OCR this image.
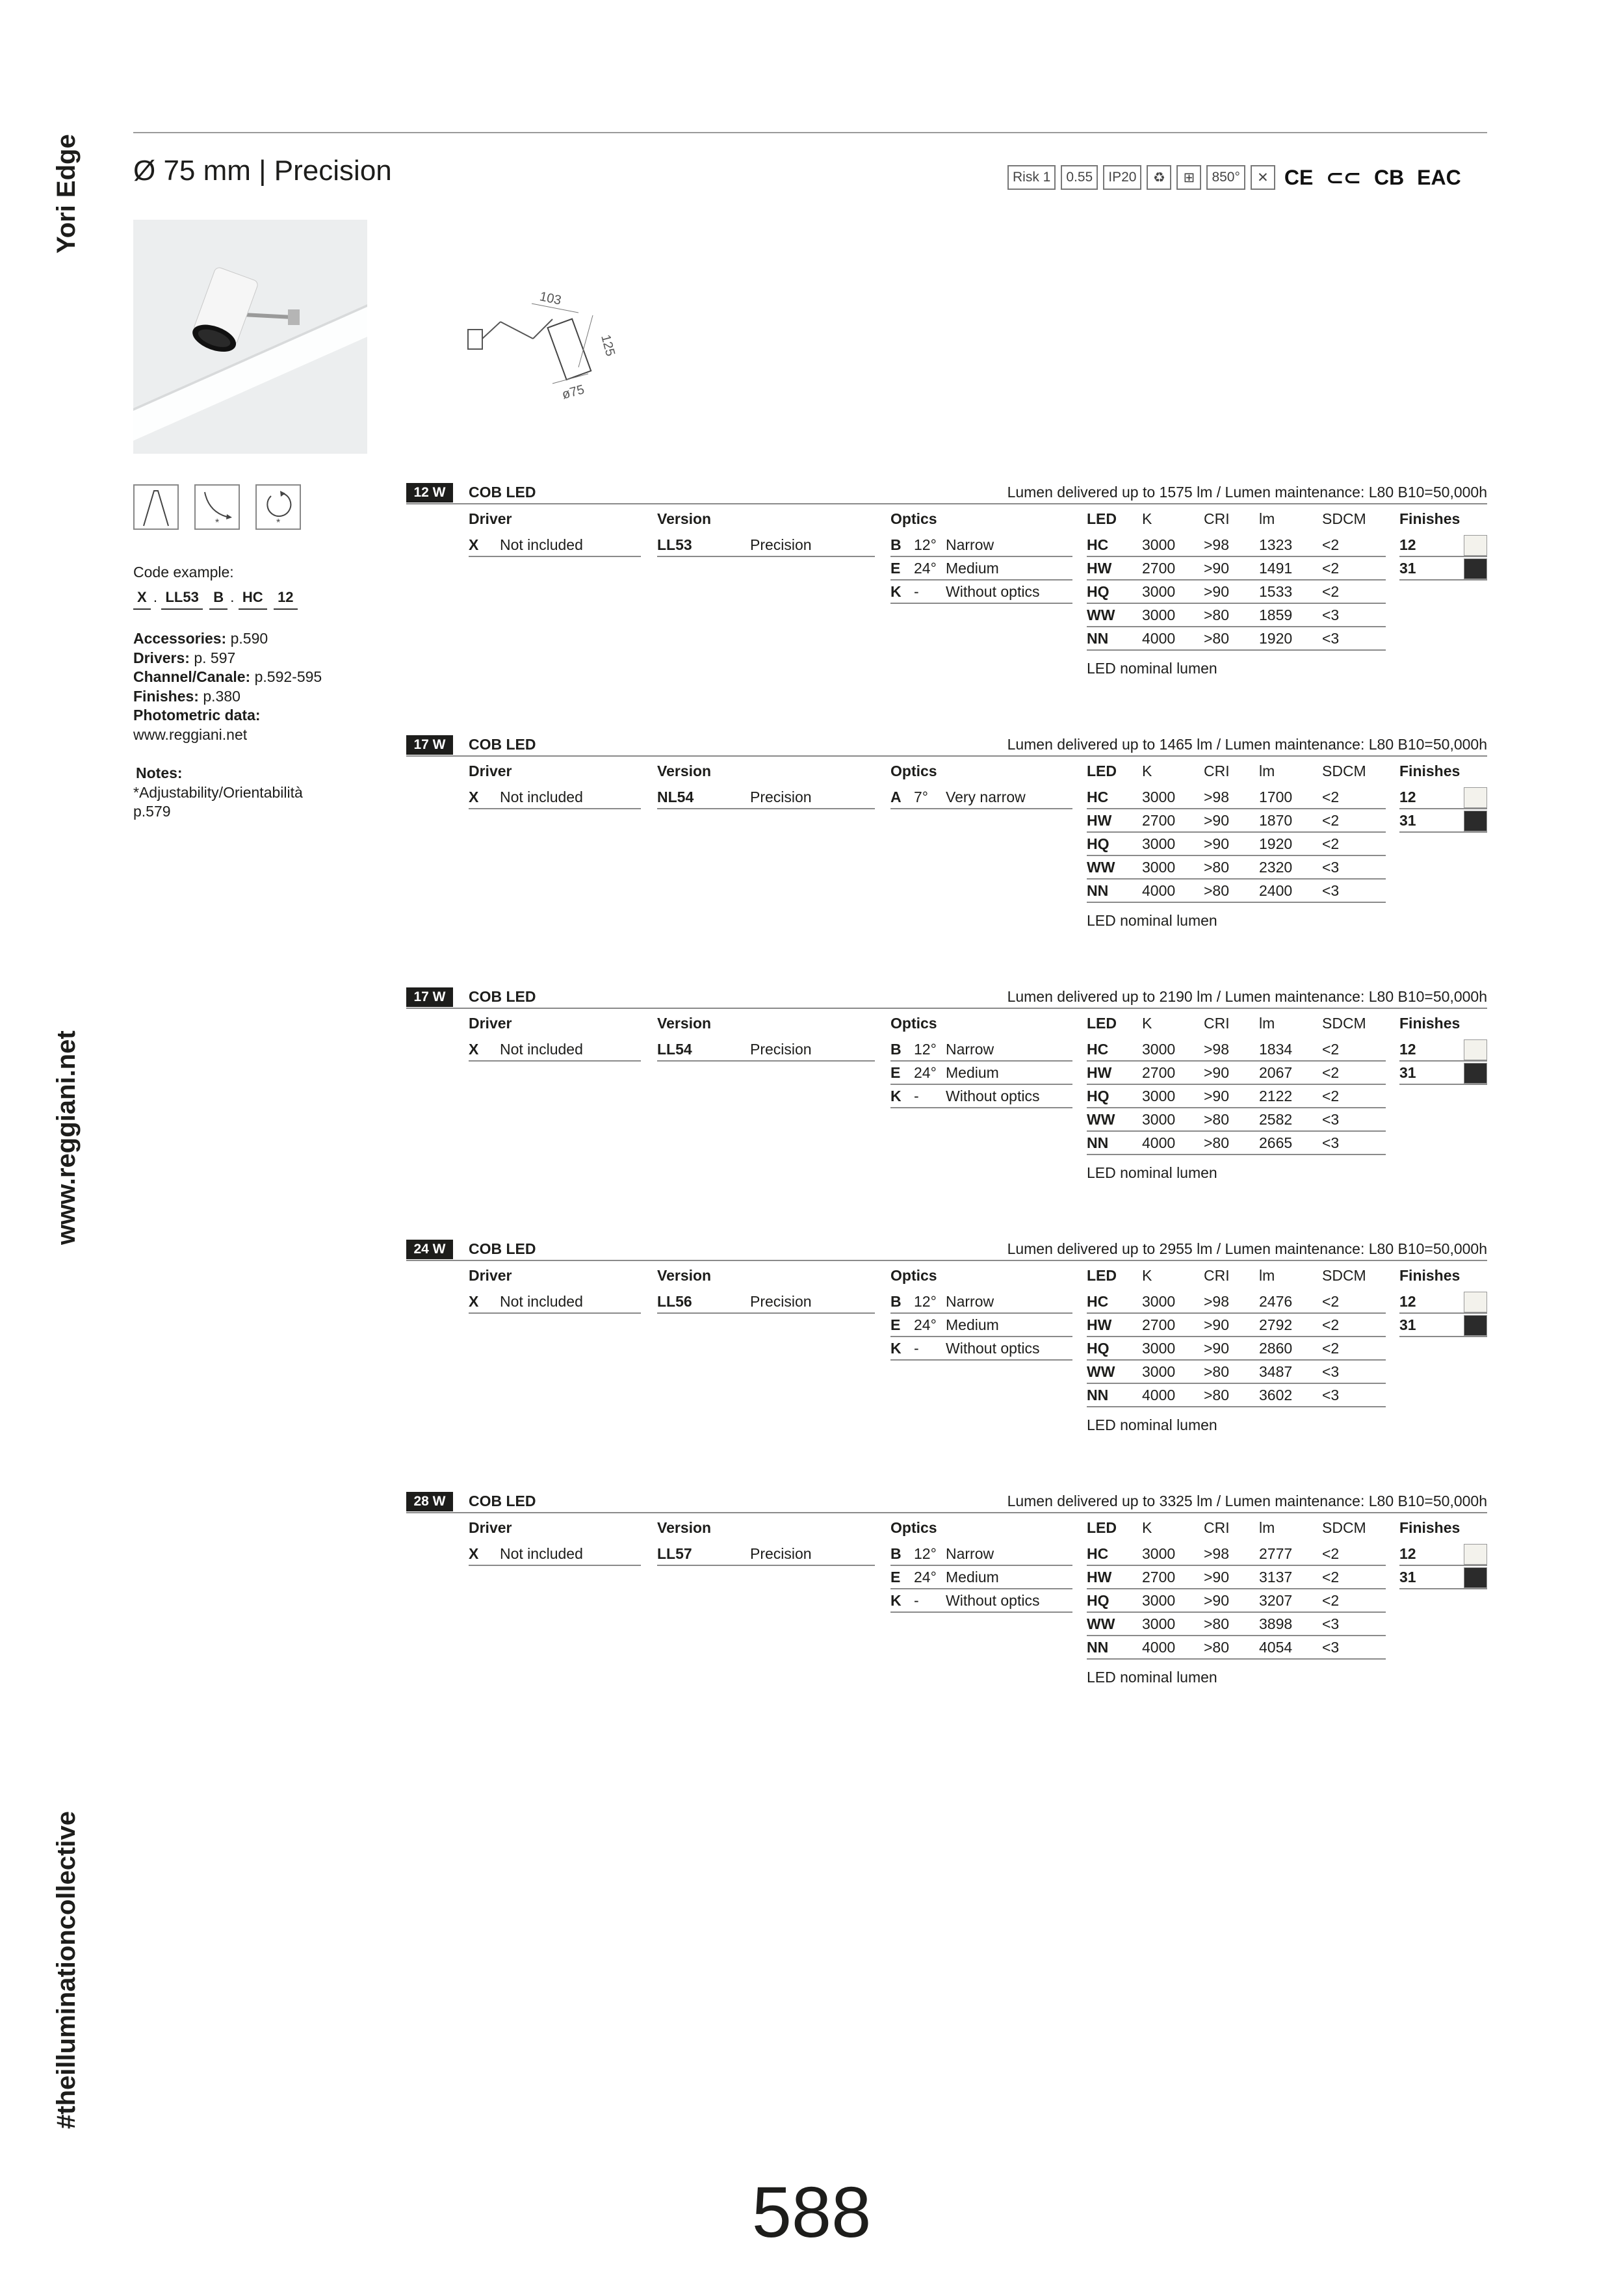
Yori Edge
www.reggiani.net
#theilluminationcollective
Ø 75 mm | Precision	Risk 1	0.55	IP20	♻	⊞	850°	✕ CE ⊂⊂ CB EAC
103
125
ø75
*	*
Code example:
X . LL53 B . HC 12
Accessories: p.590
Drivers: p. 597
Channel/Canale: p.592-595
Finishes: p.380
Photometric data:
www.reggiani.net
Notes:
*Adjustability/Orientabilità
p.579
12 W	COB LED	Lumen delivered up to 1575 lm / Lumen maintenance: L80 B10=50,000h
Driver
X Not included
Version
LL53	Precision
Optics
B 12° Narrow
E 24° Medium
K - Without optics
LED K	CRI lm	SDCM
HC 3000 >98 1323 <2
HW 2700 >90 1491 <2
HQ 3000 >90 1533 <2
WW 3000 >80 1859 <3
NN 4000 >80 1920 <3
Finishes
12
31
LED nominal lumen
17 W	COB LED	Lumen delivered up to 1465 lm / Lumen maintenance: L80 B10=50,000h
Driver
X Not included
Version
NL54	Precision
Optics
A 7° Very narrow
LED K	CRI lm	SDCM
HC 3000 >98 1700 <2
HW 2700 >90 1870 <2
HQ 3000 >90 1920 <2
WW 3000 >80 2320 <3
NN 4000 >80 2400 <3
Finishes
12
31
LED nominal lumen
17 W	COB LED	Lumen delivered up to 2190 lm / Lumen maintenance: L80 B10=50,000h
Driver
X Not included
Version
LL54	Precision
Optics
B 12° Narrow
E 24° Medium
K - Without optics
LED K	CRI lm	SDCM
HC 3000 >98 1834 <2
HW 2700 >90 2067 <2
HQ 3000 >90 2122 <2
WW 3000 >80 2582 <3
NN 4000 >80 2665 <3
Finishes
12
31
LED nominal lumen
24 W	COB LED	Lumen delivered up to 2955 lm / Lumen maintenance: L80 B10=50,000h
Driver
X Not included
Version
LL56	Precision
Optics
B 12° Narrow
E 24° Medium
K - Without optics
LED K	CRI lm	SDCM
HC 3000 >98 2476 <2
HW 2700 >90 2792 <2
HQ 3000 >90 2860 <2
WW 3000 >80 3487 <3
NN 4000 >80 3602 <3
Finishes
12
31
LED nominal lumen
28 W	COB LED	Lumen delivered up to 3325 lm / Lumen maintenance: L80 B10=50,000h
Driver
X Not included
Version
LL57	Precision
Optics
B 12° Narrow
E 24° Medium
K - Without optics
LED K	CRI lm	SDCM
HC 3000 >98 2777 <2
HW 2700 >90 3137 <2
HQ 3000 >90 3207 <2
WW 3000 >80 3898 <3
NN 4000 >80 4054 <3
Finishes
12
31
LED nominal lumen
588
